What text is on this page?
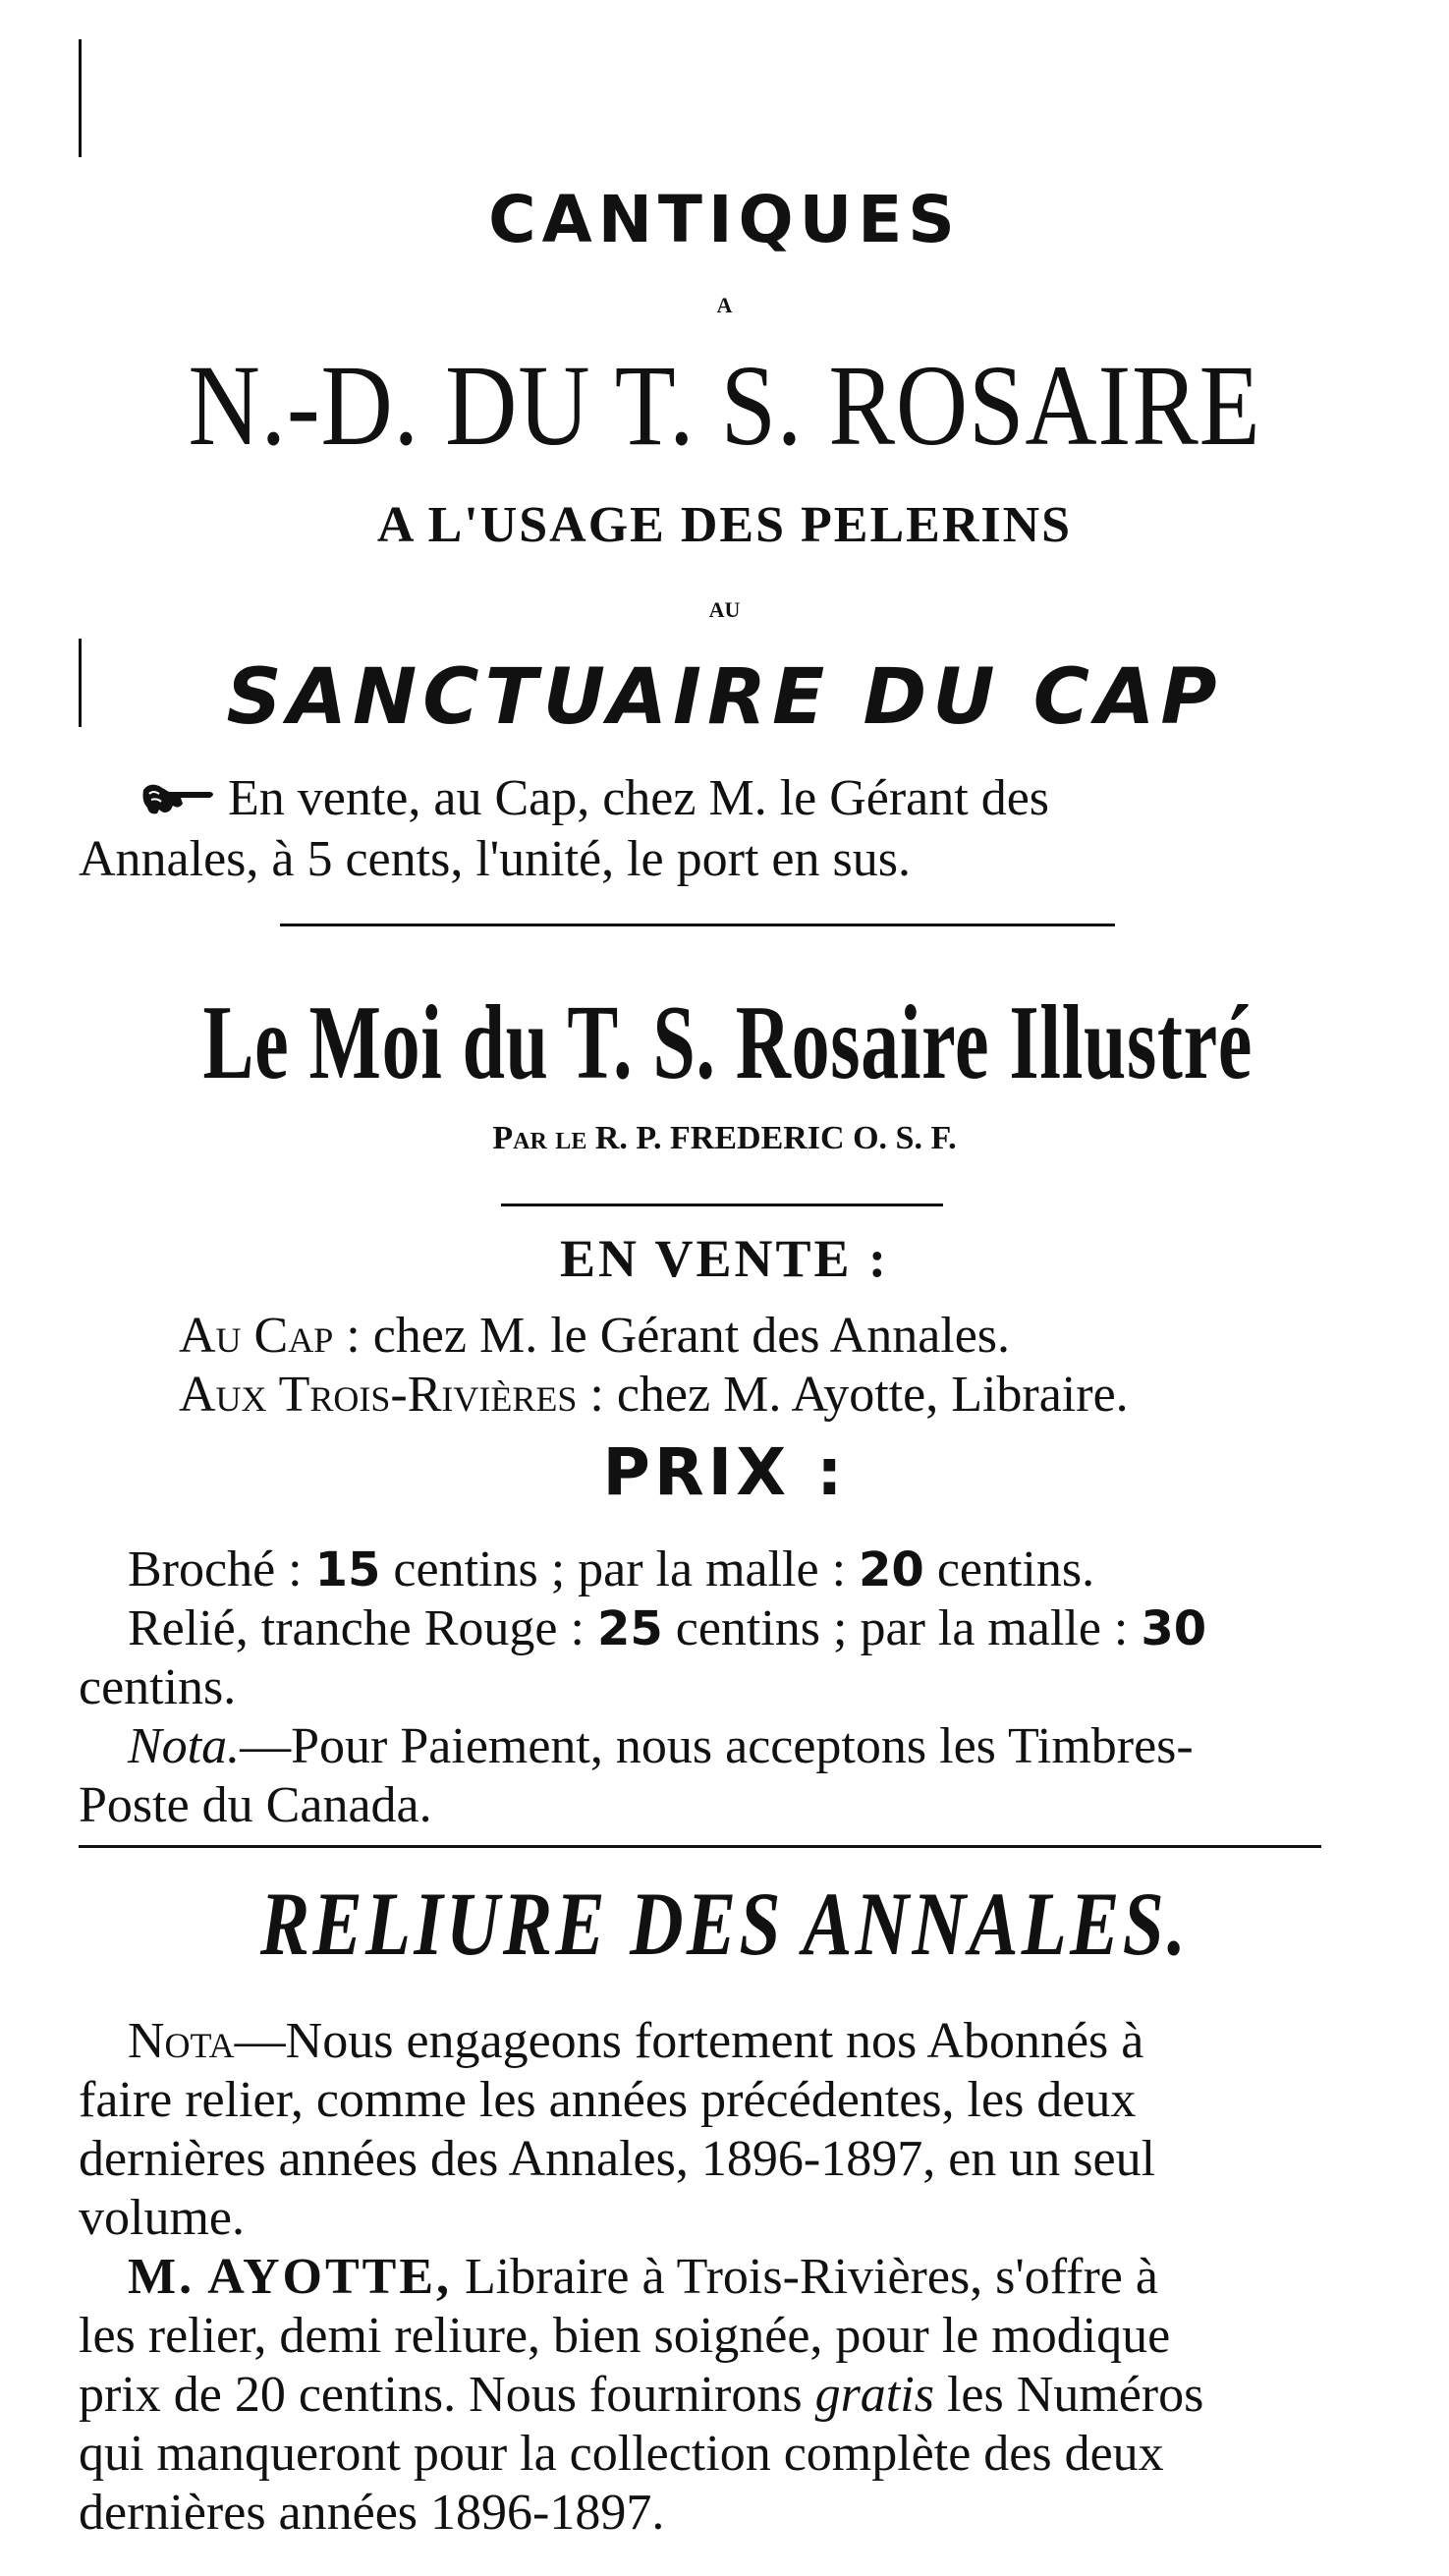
CANTIQUES
A
N.-D. DU T. S. ROSAIRE
A L'USAGE DES PELERINS
AU
SANCTUAIRE DU CAP
En vente, au Cap, chez M. le Gérant des
Annales, à 5 cents, l'unité, le port en sus.
Le Moi du T. S. Rosaire Illustré
Par le R. P. FREDERIC O. S. F.
EN VENTE :
Au Cap : chez M. le Gérant des Annales.
Aux Trois-Rivières : chez M. Ayotte, Libraire.
PRIX :
Broché : 15 centins ; par la malle : 20 centins.
Relié, tranche Rouge : 25 centins ; par la malle : 30
centins.
Nota.—Pour Paiement, nous acceptons les Timbres-
Poste du Canada.
RELIURE DES ANNALES.
Nota—Nous engageons fortement nos Abonnés à
faire relier, comme les années précédentes, les deux
dernières années des Annales, 1896-1897, en un seul
volume.
M. AYOTTE, Libraire à Trois-Rivières, s'offre à
les relier, demi reliure, bien soignée, pour le modique
prix de 20 centins. Nous fournirons gratis les Numéros
qui manqueront pour la collection complète des deux
dernières années 1896-1897.
